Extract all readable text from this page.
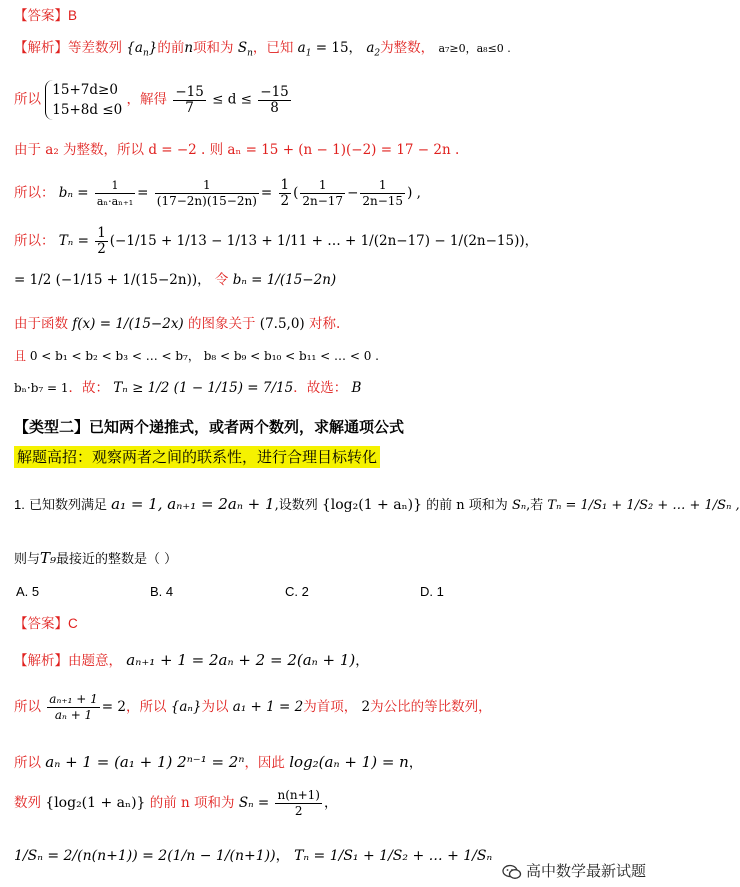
【答案】B
【解析】等差数列 $\{a_n\}$的前n项和为 $S_n$，已知 $a_1 = 15$， $a_2$为整数， a₇≥0，a₈≤0 .
所以
15+7d≥0
15+8d ≤0
，解得 $\frac{-15}{7} \le d \le \frac{-15}{8}$
由于 a₂ 为整数，所以 d = −2 . 则 aₙ = 15 + (n − 1)(−2) = 17 − 2n .
所以： $b_n = \frac{1}{\text{aₙ·aₙ₊₁}} = \frac{1}{(17-2n)(15-2n)} = \frac{1}{2}$ ( $\frac{1}{2n-17} - \frac{1}{2n-15}$ ) ,
所以： $T_n = \frac{1}{2} (-1/15 + 1/13 - 1/13 + 1/11$ + … + 1/(2n−17) − 1/(2n−15))，
= 1/2 (−1/15 + 1/(15−2n))， 令 bₙ = 1/(15−2n)
由于函数 f(x) = 1/(15−2x) 的图象关于 (7.5,0) 对称.
且 0 < b₁ < b₂ < b₃ < … < b₇， b₈ < b₉ < b₁₀ < b₁₁ < … < 0 .
bₙ·b₇ = 1．故： Tₙ ≥ 1/2 (1 − 1/15) = 7/15．故选： B
【类型二】已知两个递推式，或者两个数列，求解通项公式
解题高招：观察两者之间的联系性，进行合理目标转化
1. 已知数列满足 a₁ = 1, aₙ₊₁ = 2aₙ + 1,设数列 {log₂(1 + aₙ)} 的前 n 项和为 Sₙ,若 Tₙ = 1/S₁ + 1/S₂ + … + 1/Sₙ ,
则与T₉最接近的整数是（ ）
A. 5	B. 4	C. 2	D. 1
【答案】C
【解析】由题意， aₙ₊₁ + 1 = 2aₙ + 2 = 2(aₙ + 1)，
所以 $\frac{\text{aₙ₊₁ + 1}}{\text{aₙ + 1}} = 2$，所以 {aₙ}为以 a₁ + 1 = 2为首项， 2为公比的等比数列，
所以 aₙ + 1 = (a₁ + 1) 2ⁿ⁻¹ = 2ⁿ，因此 log₂(aₙ + 1) = n，
数列 {log₂(1 + aₙ)} 的前 n 项和为 $S_n = \frac{n(n+1)}{2}$ ，
1/Sₙ = 2/(n(n+1)) = 2(1/n − 1/(n+1))， Tₙ = 1/S₁ + 1/S₂ + … + 1/Sₙ
高中数学最新试题
